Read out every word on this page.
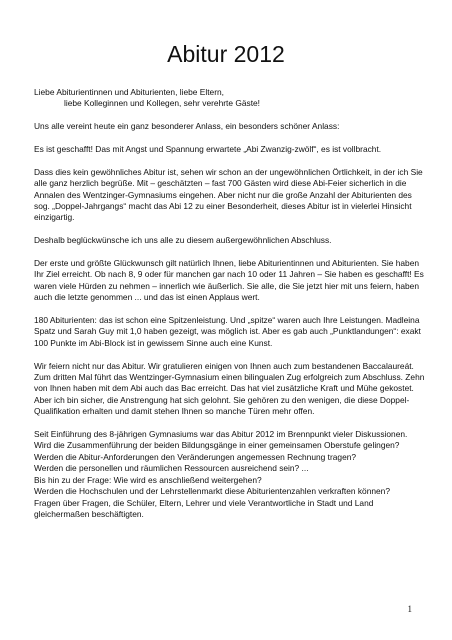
Abitur 2012

Liebe Abiturientinnen und Abiturienten, liebe Eltern,

liebe Kolleginnen und Kollegen, sehr verehrte Gäste!

Uns alle vereint heute ein ganz besonderer Anlass, ein besonders schöner Anlass:

Es ist geschafft! Das mit Angst und Spannung erwartete „Abi Zwanzig-zwölf“, es ist vollbracht.

Dass dies kein gewöhnliches Abitur ist, sehen wir schon an der ungewöhnlichen Örtlichkeit, in der ich Sie alle ganz herzlich begrüße. Mit – geschätzten – fast 700 Gästen wird diese Abi-Feier sicherlich in die Annalen des Wentzinger-Gymnasiums eingehen. Aber nicht nur die große Anzahl der Abiturienten des sog. „Doppel-Jahrgangs“ macht das Abi 12 zu einer Besonderheit, dieses Abitur ist in vielerlei Hinsicht einzigartig.

Deshalb beglückwünsche ich uns alle zu diesem außergewöhnlichen Abschluss.

Der erste und größte Glückwunsch gilt natürlich Ihnen, liebe Abiturientinnen und Abiturienten. Sie haben Ihr Ziel erreicht. Ob nach 8, 9 oder für manchen gar nach 10 oder 11 Jahren – Sie haben es geschafft! Es waren viele Hürden zu nehmen – innerlich wie äußerlich. Sie alle, die Sie jetzt hier mit uns feiern, haben auch die letzte genommen ... und das ist einen Applaus wert.

180 Abiturienten: das ist schon eine Spitzenleistung. Und „spitze“ waren auch Ihre Leistungen. Madleina Spatz und Sarah Guy mit 1,0 haben gezeigt, was möglich ist. Aber es gab auch „Punktlandungen“: exakt 100 Punkte im Abi-Block ist in gewissem Sinne auch eine Kunst.

Wir feiern nicht nur das Abitur. Wir gratulieren einigen von Ihnen auch zum bestandenen Baccalaureát. Zum dritten Mal führt das Wentzinger-Gymnasium einen bilingualen Zug erfolgreich zum Abschluss. Zehn von Ihnen haben mit dem Abi auch das Bac erreicht. Das hat viel zusätzliche Kraft und Mühe gekostet. Aber ich bin sicher, die Anstrengung hat sich gelohnt. Sie gehören zu den wenigen, die diese Doppel-Qualifikation erhalten und damit stehen Ihnen so manche Türen mehr offen.

Seit Einführung des 8-jährigen Gymnasiums war das Abitur 2012 im Brennpunkt vieler Diskussionen.
Wird die Zusammenführung der beiden Bildungsgänge in einer gemeinsamen Oberstufe gelingen?
Werden die Abitur-Anforderungen den Veränderungen angemessen Rechnung tragen?
Werden die personellen und räumlichen Ressourcen ausreichend sein? ...
Bis hin zu der Frage: Wie wird es anschließend weitergehen?
Werden die Hochschulen und der Lehrstellenmarkt diese Abiturientenzahlen verkraften können?
Fragen über Fragen, die Schüler, Eltern, Lehrer und viele Verantwortliche in Stadt und Land gleichermaßen beschäftigten.
1
